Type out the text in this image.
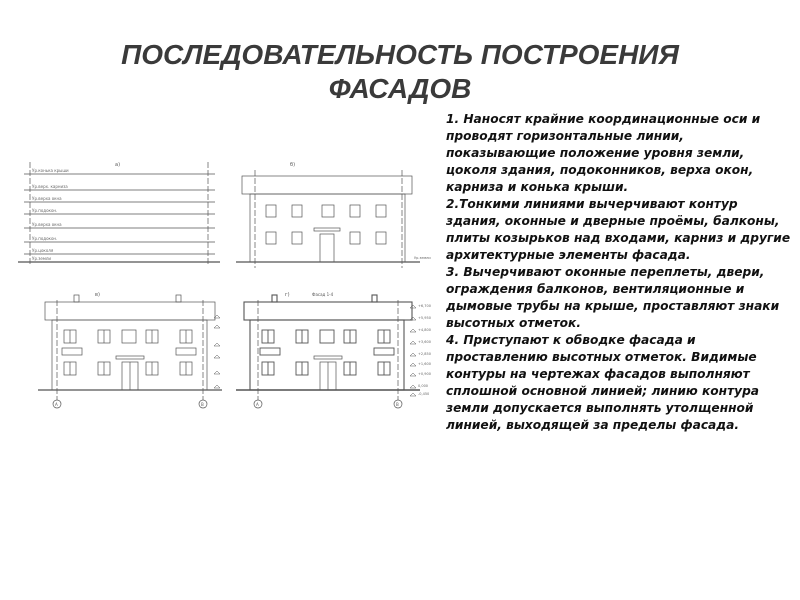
ПОСЛЕДОВАТЕЛЬНОСТЬ ПОСТРОЕНИЯ
ФАСАДОВ
а)
Ур.конька крыши
Ур.верх. карниза
Ур.верха окна
Ур.подокон.
Ур.верха окна
Ур.подокон.
Ур.цоколя
Ур.земли
б)
Ур.земли
в)
А	В
г)	Фасад 1-4
+6,700
+5,950
+4,800
+3,600
+2,850
+1,600
+0,900
0,000
-0,450
А	В

1. Наносят крайние координационные оси и проводят горизонтальные линии, показывающие положение уровня земли, цоколя здания, подоконников, верха окон, карниза и конька крыши.

2.Тонкими линиями вычерчивают контур здания, оконные и дверные проёмы, балконы, плиты козырьков над входами, карниз и другие архитектурные элементы фасада.

3. Вычерчивают оконные переплеты, двери, ограждения балконов, вентиляционные и дымовые трубы на крыше, проставляют знаки высотных отметок.

4. Приступают к обводке фасада и проставлению высотных отметок. Видимые контуры на чертежах фасадов выполняют сплошной основной линией; линию контура земли допускается выполнять утолщенной линией, выходящей за пределы фасада.
